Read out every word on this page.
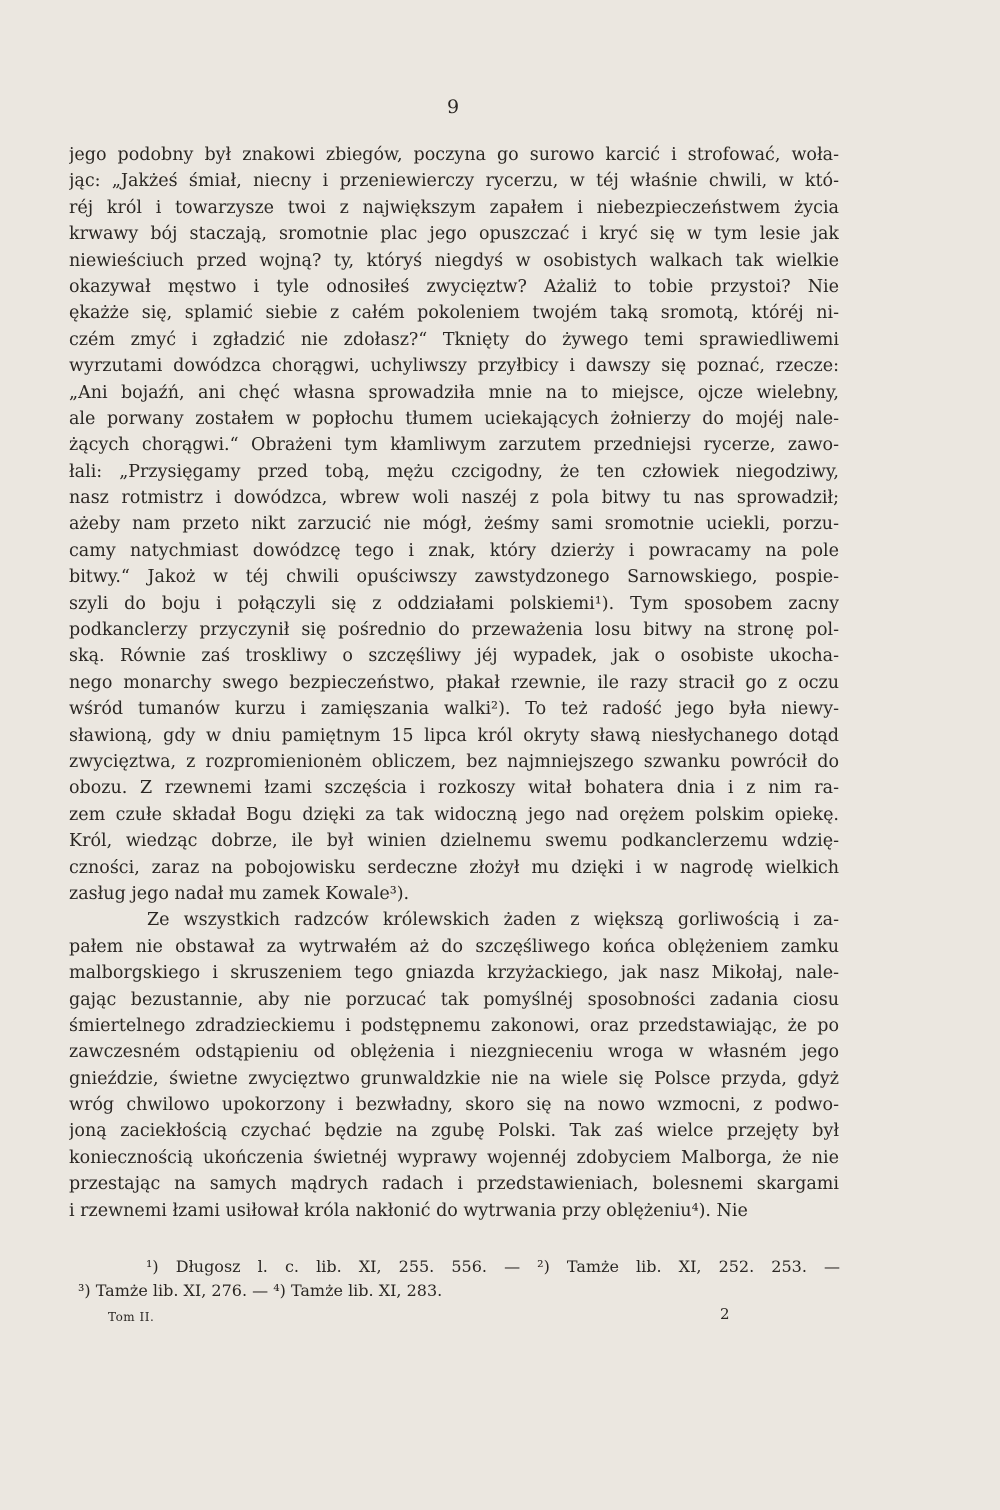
9
jego podobny był znakowi zbiegów, poczyna go surowo karcić i strofować, woła-
jąc: „Jakżeś śmiał, niecny i przeniewierczy rycerzu, w téj właśnie chwili, w któ-
réj król i towarzysze twoi z największym zapałem i niebezpieczeństwem życia
krwawy bój staczają, sromotnie plac jego opuszczać i kryć się w tym lesie jak
niewieściuch przed wojną? ty, któryś niegdyś w osobistych walkach tak wielkie
okazywał męstwo i tyle odnosiłeś zwycięztw? Ażaliż to tobie przystoi? Nie
ękażże się, splamić siebie z całém pokoleniem twojém taką sromotą, któréj ni-
czém zmyć i zgładzić nie zdołasz?“ Tknięty do żywego temi sprawiedliwemi
wyrzutami dowódzca chorągwi, uchyliwszy przyłbicy i dawszy się poznać, rzecze:
„Ani bojaźń, ani chęć własna sprowadziła mnie na to miejsce, ojcze wielebny,
ale porwany zostałem w popłochu tłumem uciekających żołnierzy do mojéj nale-
żących chorągwi.“ Obrażeni tym kłamliwym zarzutem przedniejsi rycerze, zawo-
łali: „Przysięgamy przed tobą, mężu czcigodny, że ten człowiek niegodziwy,
nasz rotmistrz i dowódzca, wbrew woli naszéj z pola bitwy tu nas sprowadził;
ażeby nam przeto nikt zarzucić nie mógł, żeśmy sami sromotnie uciekli, porzu-
camy natychmiast dowódzcę tego i znak, który dzierży i powracamy na pole
bitwy.“ Jakoż w téj chwili opuściwszy zawstydzonego Sarnowskiego, pospie-
szyli do boju i połączyli się z oddziałami polskiemi¹). Tym sposobem zacny
podkanclerzy przyczynił się pośrednio do przeważenia losu bitwy na stronę pol-
ską. Równie zaś troskliwy o szczęśliwy jéj wypadek, jak o osobiste ukocha-
nego monarchy swego bezpieczeństwo, płakał rzewnie, ile razy stracił go z oczu
wśród tumanów kurzu i zamięszania walki²). To też radość jego była niewy-
sławioną, gdy w dniu pamiętnym 15 lipca król okryty sławą niesłychanego dotąd
zwycięztwa, z rozpromienionėm obliczem, bez najmniejszego szwanku powrócił do
obozu. Z rzewnemi łzami szczęścia i rozkoszy witał bohatera dnia i z nim ra-
zem czułe składał Bogu dzięki za tak widoczną jego nad orężem polskim opiekę.
Król, wiedząc dobrze, ile był winien dzielnemu swemu podkanclerzemu wdzię-
czności, zaraz na pobojowisku serdeczne złożył mu dzięki i w nagrodę wielkich
zasług jego nadał mu zamek Kowale³).
Ze wszystkich radzców królewskich żaden z większą gorliwością i za-
pałem nie obstawał za wytrwałém aż do szczęśliwego końca oblężeniem zamku
malborgskiego i skruszeniem tego gniazda krzyżackiego, jak nasz Mikołaj, nale-
gając bezustannie, aby nie porzucać tak pomyślnéj sposobności zadania ciosu
śmiertelnego zdradzieckiemu i podstępnemu zakonowi, oraz przedstawiając, że po
zawczesném odstąpieniu od oblężenia i niezgnieceniu wroga w własném jego
gnieździe, świetne zwycięztwo grunwaldzkie nie na wiele się Polsce przyda, gdyż
wróg chwilowo upokorzony i bezwładny, skoro się na nowo wzmocni, z podwo-
joną zaciekłością czychać będzie na zgubę Polski. Tak zaś wielce przejęty był
koniecznością ukończenia świetnéj wyprawy wojennéj zdobyciem Malborga, że nie
przestając na samych mądrych radach i przedstawieniach, bolesnemi skargami
i rzewnemi łzami usiłował króla nakłonić do wytrwania przy oblężeniu⁴). Nie
¹) Długosz l. c. lib. XI, 255. 556. — ²) Tamże lib. XI, 252. 253. —
³) Tamże lib. XI, 276. — ⁴) Tamże lib. XI, 283.
Tom II.	2
